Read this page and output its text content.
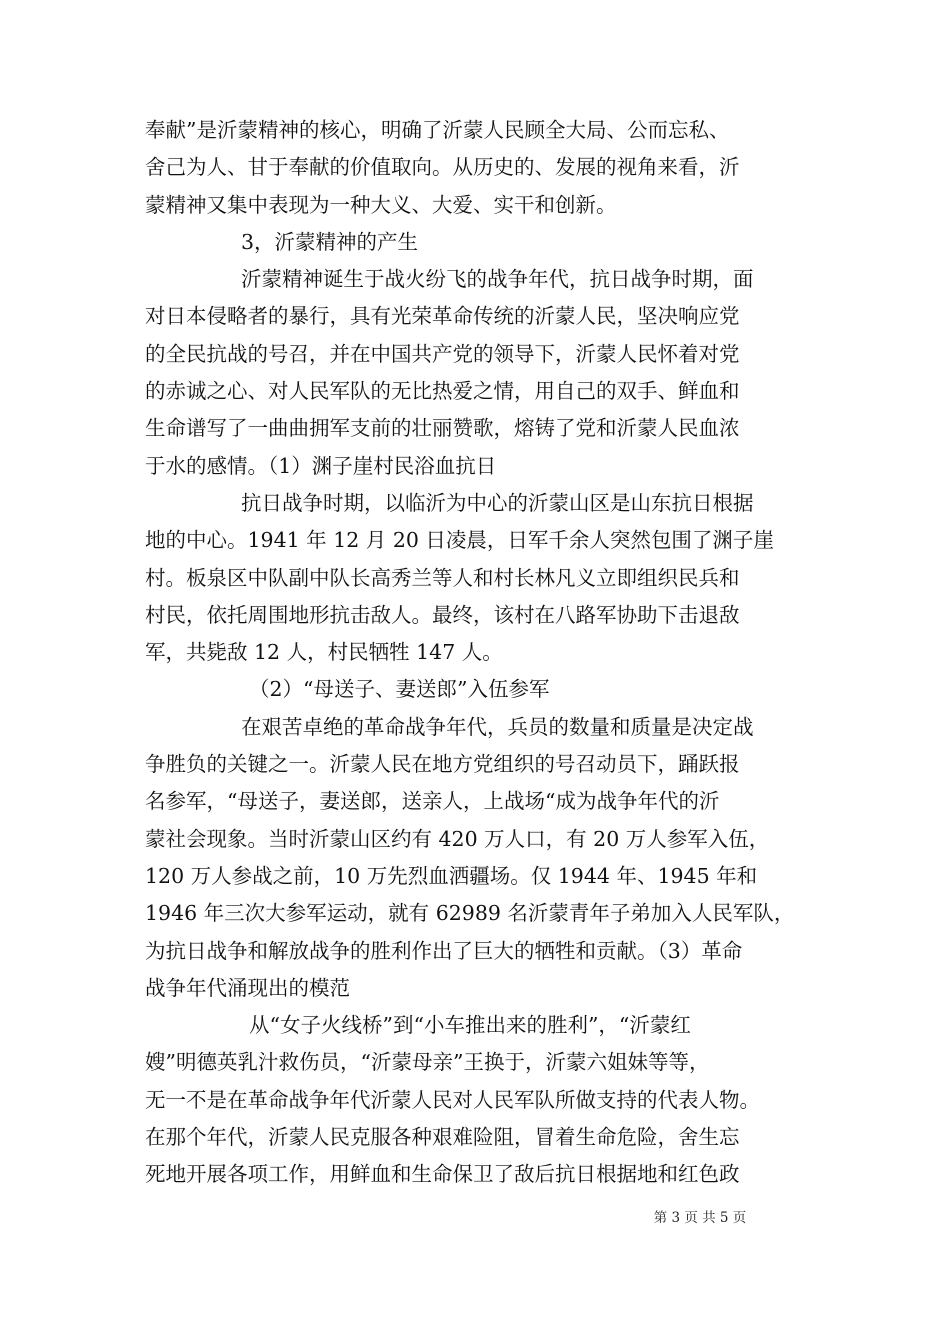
奉献”是沂蒙精神的核心，明确了沂蒙人民顾全大局、公而忘私、
舍己为人、甘于奉献的价值取向。从历史的、发展的视角来看，沂
蒙精神又集中表现为一种大义、大爱、实干和创新。
3，沂蒙精神的产生
沂蒙精神诞生于战火纷飞的战争年代，抗日战争时期，面
对日本侵略者的暴行，具有光荣革命传统的沂蒙人民，坚决响应党
的全民抗战的号召，并在中国共产党的领导下，沂蒙人民怀着对党
的赤诚之心、对人民军队的无比热爱之情，用自己的双手、鲜血和
生命谱写了一曲曲拥军支前的壮丽赞歌，熔铸了党和沂蒙人民血浓
于水的感情。（1）渊子崖村民浴血抗日
抗日战争时期，以临沂为中心的沂蒙山区是山东抗日根据
地的中心。1941 年 12 月 20 日凌晨，日军千余人突然包围了渊子崖
村。板泉区中队副中队长高秀兰等人和村长林凡义立即组织民兵和
村民，依托周围地形抗击敌人。最终，该村在八路军协助下击退敌
军，共毙敌 12 人，村民牺牲 147 人。
（2）“母送子、妻送郎”入伍参军
在艰苦卓绝的革命战争年代，兵员的数量和质量是决定战
争胜负的关键之一。沂蒙人民在地方党组织的号召动员下，踊跃报
名参军，“母送子，妻送郎，送亲人，上战场“成为战争年代的沂
蒙社会现象。当时沂蒙山区约有 420 万人口，有 20 万人参军入伍，
120 万人参战之前，10 万先烈血洒疆场。仅 1944 年、1945 年和
1946 年三次大参军运动，就有 62989 名沂蒙青年子弟加入人民军队，
为抗日战争和解放战争的胜利作出了巨大的牺牲和贡献。（3）革命
战争年代涌现出的模范
从“女子火线桥”到“小车推出来的胜利”，“沂蒙红
嫂”明德英乳汁救伤员，“沂蒙母亲”王换于，沂蒙六姐妹等等，
无一不是在革命战争年代沂蒙人民对人民军队所做支持的代表人物。
在那个年代，沂蒙人民克服各种艰难险阻，冒着生命危险，舍生忘
死地开展各项工作，用鲜血和生命保卫了敌后抗日根据地和红色政
第 3 页 共 5 页
